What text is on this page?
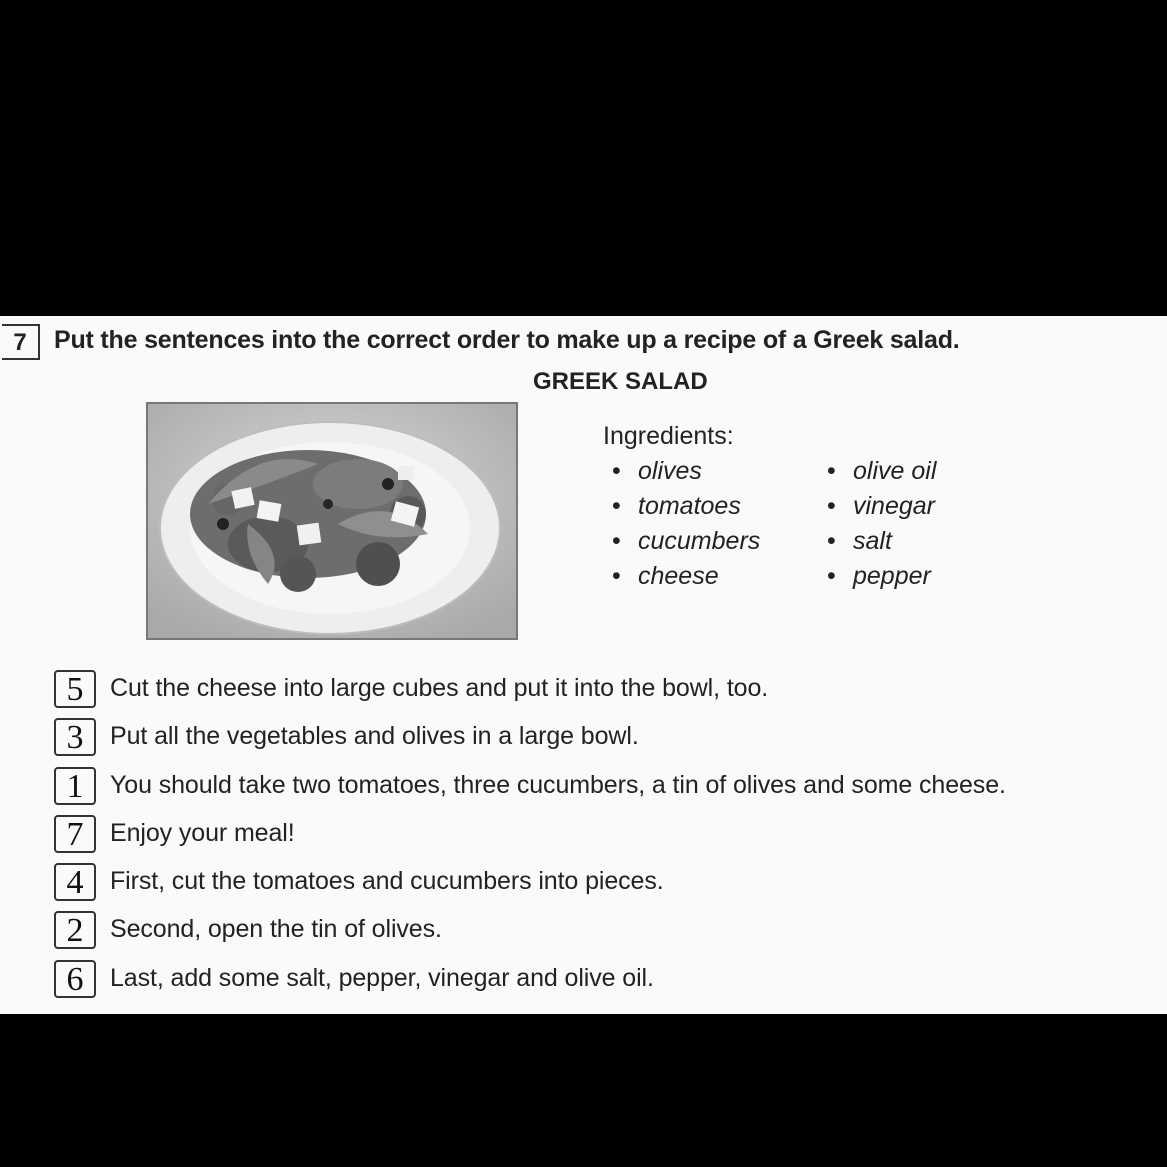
7	Put the sentences into the correct order to make up a recipe of a Greek salad.
GREEK SALAD
Ingredients:
• olives
• tomatoes
• cucumbers
• cheese
• olive oil
• vinegar
• salt
• pepper
5	Cut the cheese into large cubes and put it into the bowl, too.
3	Put all the vegetables and olives in a large bowl.
1	You should take two tomatoes, three cucumbers, a tin of olives and some cheese.
7	Enjoy your meal!
4	First, cut the tomatoes and cucumbers into pieces.
2	Second, open the tin of olives.
6	Last, add some salt, pepper, vinegar and olive oil.
